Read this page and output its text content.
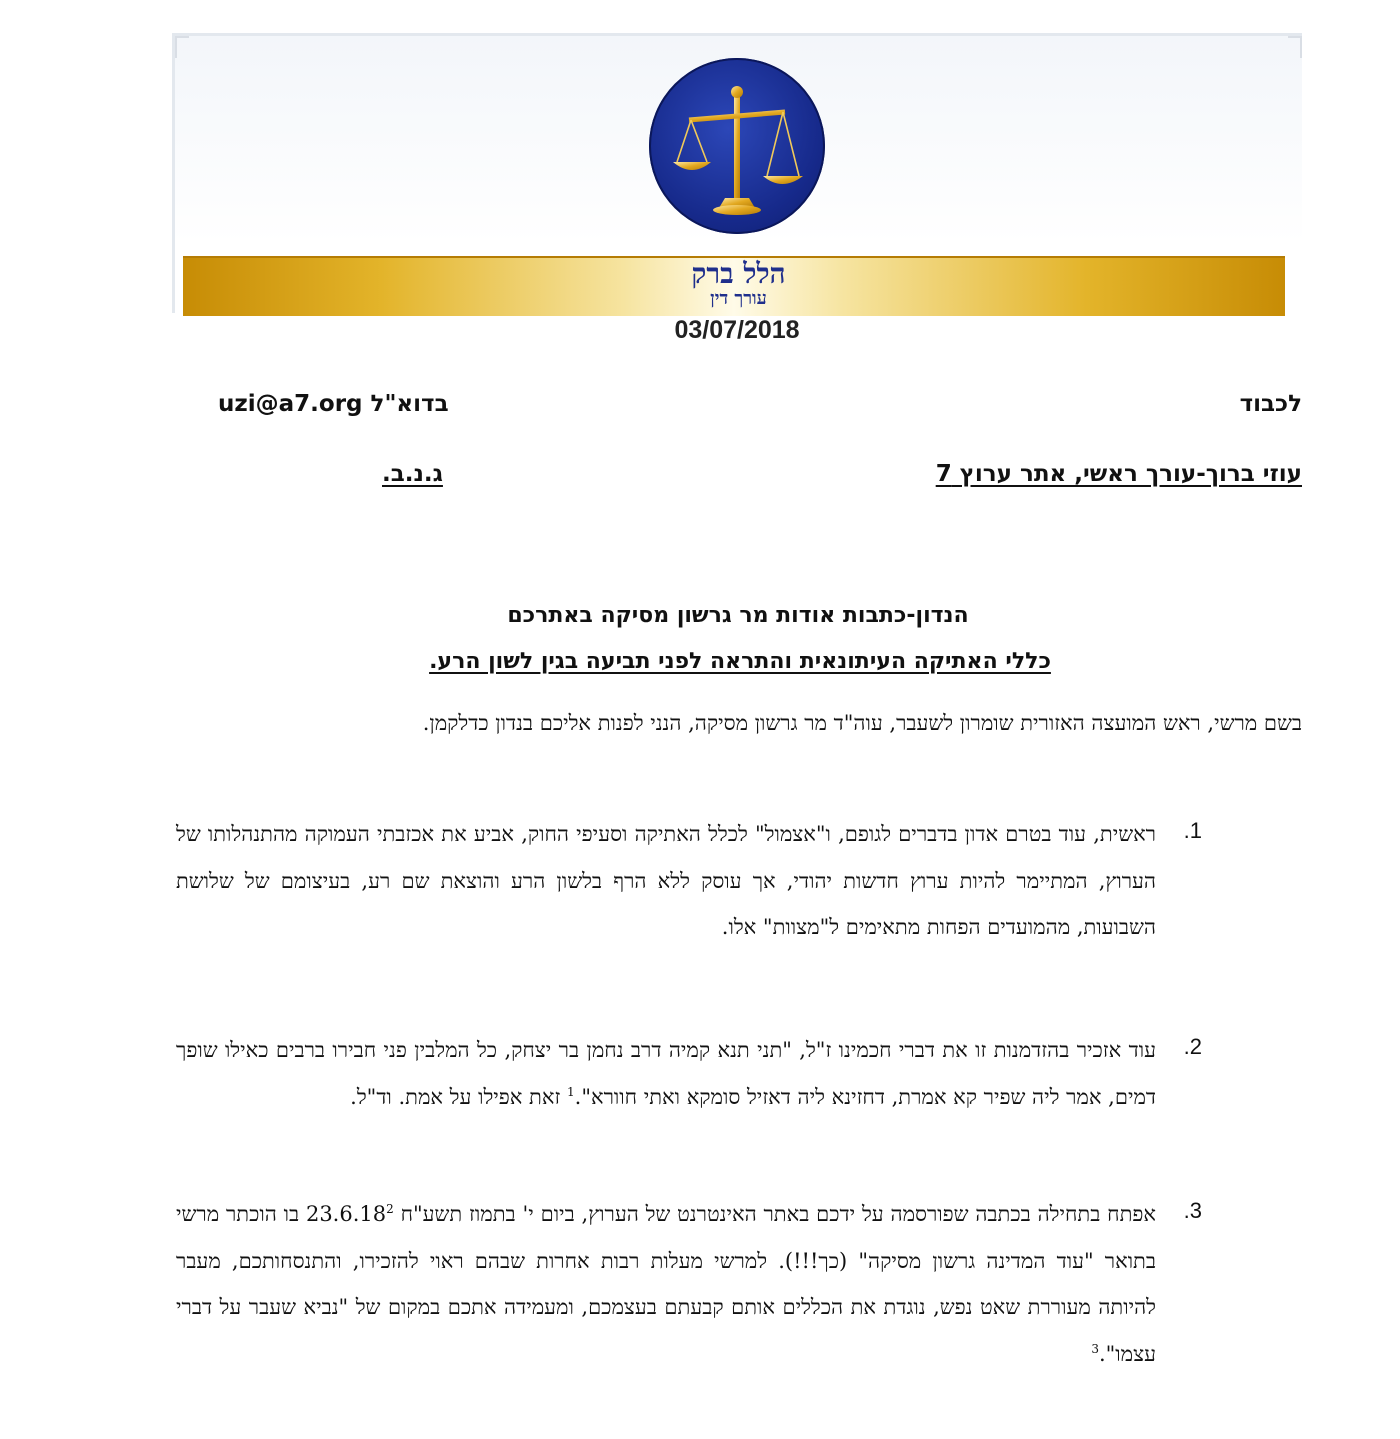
הלל ברק
עורך דין
03/07/2018
לכבוד
בדוא"ל uzi@a7.org
עוזי ברוך-עורך ראשי, אתר ערוץ 7
ג.נ.ב.
הנדון-כתבות אודות מר גרשון מסיקה באתרכם
כללי האתיקה העיתונאית והתראה לפני תביעה בגין לשון הרע.
בשם מרשי, ראש המועצה האזורית שומרון לשעבר, עוה"ד מר גרשון מסיקה, הנני לפנות אליכם בנדון כדלקמן.
1.
ראשית, עוד בטרם אדון בדברים לגופם, ו"אצמול" לכלל האתיקה וסעיפי החוק, אביע את אכזבתי העמוקה מהתנהלותו של הערוץ, המתיימר להיות ערוץ חדשות יהודי, אך עוסק ללא הרף בלשון הרע והוצאת שם רע, בעיצומם של שלושת השבועות, מהמועדים הפחות מתאימים ל"מצוות" אלו.
2.
עוד אזכיר בהזדמנות זו את דברי חכמינו ז"ל, "תני תנא קמיה דרב נחמן בר יצחק, כל המלבין פני חבירו ברבים כאילו שופך דמים, אמר ליה שפיר קא אמרת, דחזינא ליה דאזיל סומקא ואתי חוורא".$^1$ זאת אפילו על אמת. וד"ל.
3.
אפתח בתחילה בכתבה שפורסמה על ידכם באתר האינטרנט של הערוץ, ביום י' בתמוז תשע"ח 23.6.18$^2$ בו הוכתר מרשי בתואר "עוד המדינה גרשון מסיקה" (כך!!!). למרשי מעלות רבות אחרות שבהם ראוי להזכירו, והתנסחותכם, מעבר להיותה מעוררת שאט נפש, נוגדת את הכללים אותם קבעתם בעצמכם, ומעמידה אתכם במקום של "נביא שעבר על דברי עצמו".$^3$
